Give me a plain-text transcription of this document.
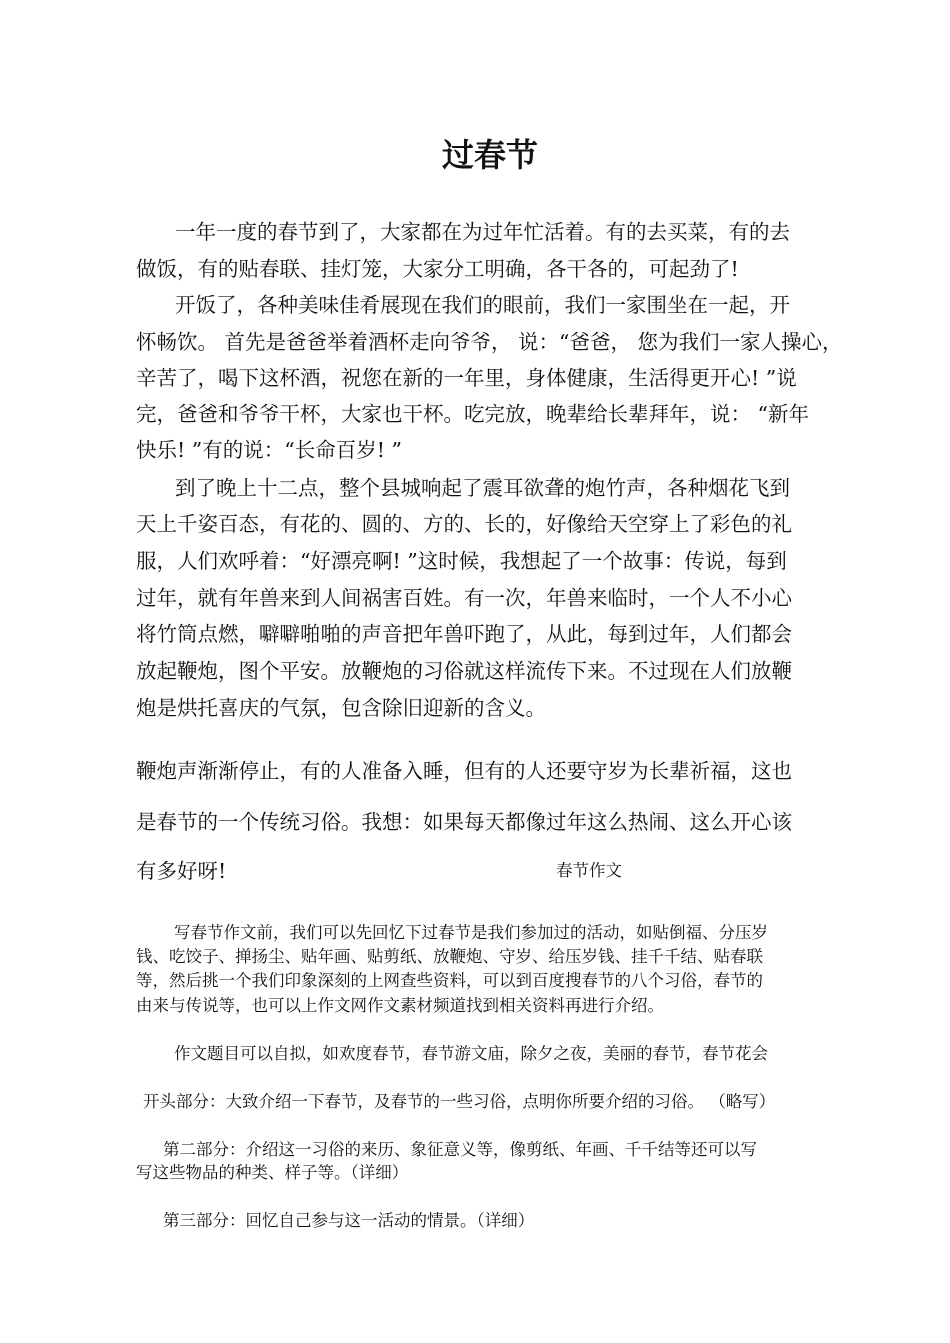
过春节

一年一度的春节到了，大家都在为过年忙活着。有的去买菜，有的去

做饭，有的贴春联、挂灯笼，大家分工明确，各干各的，可起劲了!

开饭了，各种美味佳肴展现在我们的眼前，我们一家围坐在一起，开

怀畅饮。 首先是爸爸举着酒杯走向爷爷， 说：“爸爸， 您为我们一家人操心，

辛苦了，喝下这杯酒，祝您在新的一年里，身体健康，生活得更开心! ”说

完，爸爸和爷爷干杯，大家也干杯。吃完放，晚辈给长辈拜年，说： “新年

快乐! ”有的说：“长命百岁! ”

到了晚上十二点，整个县城响起了震耳欲聋的炮竹声，各种烟花飞到

天上千姿百态，有花的、圆的、方的、长的，好像给天空穿上了彩色的礼

服，人们欢呼着：“好漂亮啊! ”这时候，我想起了一个故事：传说，每到

过年，就有年兽来到人间祸害百姓。有一次，年兽来临时，一个人不小心

将竹筒点燃，噼噼啪啪的声音把年兽吓跑了，从此，每到过年，人们都会

放起鞭炮，图个平安。放鞭炮的习俗就这样流传下来。不过现在人们放鞭

炮是烘托喜庆的气氛，包含除旧迎新的含义。

鞭炮声渐渐停止，有的人准备入睡，但有的人还要守岁为长辈祈福，这也

是春节的一个传统习俗。我想：如果每天都像过年这么热闹、这么开心该

有多好呀!	春节作文

写春节作文前，我们可以先回忆下过春节是我们参加过的活动，如贴倒福、分压岁

钱、吃饺子、掸扬尘、贴年画、贴剪纸、放鞭炮、守岁、给压岁钱、挂千千结、贴春联

等，然后挑一个我们印象深刻的上网查些资料，可以到百度搜春节的八个习俗，春节的

由来与传说等，也可以上作文网作文素材频道找到相关资料再进行介绍。

作文题目可以自拟，如欢度春节，春节游文庙，除夕之夜，美丽的春节，春节花会

开头部分：大致介绍一下春节，及春节的一些习俗，点明你所要介绍的习俗。 （略写）

第二部分：介绍这一习俗的来历、象征意义等，像剪纸、年画、千千结等还可以写

写这些物品的种类、样子等。（详细）

第三部分：回忆自己参与这一活动的情景。（详细）
